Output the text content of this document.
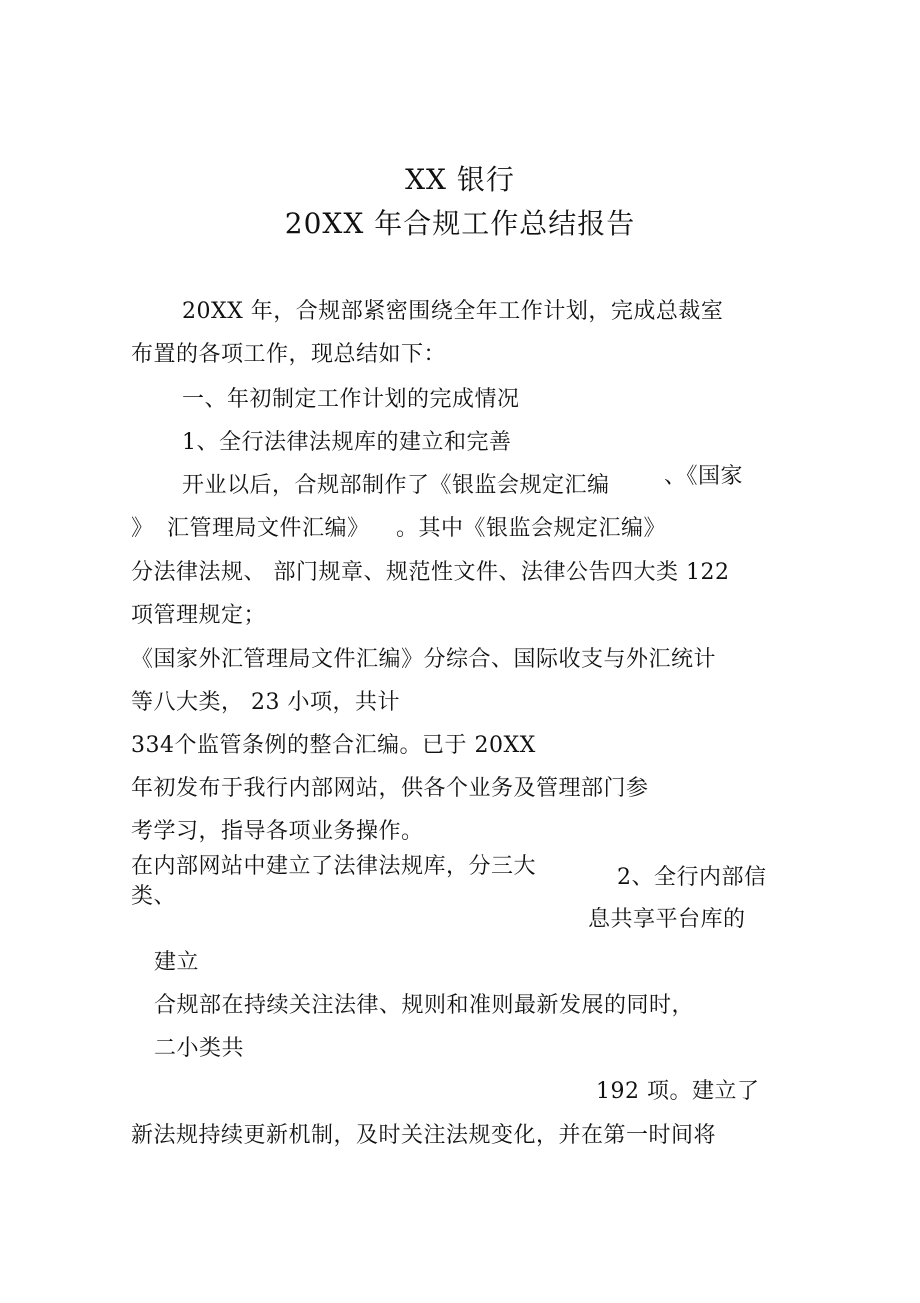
XX 银行
20XX 年合规工作总结报告
20XX 年，合规部紧密围绕全年工作计划，完成总裁室
布置的各项工作，现总结如下：
一、年初制定工作计划的完成情况
1、全行法律法规库的建立和完善
开业以后，合规部制作了《银监会规定汇编 、《国家
》 汇管理局文件汇编》 。其中《银监会规定汇编》
分法律法规、 部门规章、规范性文件、法律公告四大类 122
项管理规定；
《国家外汇管理局文件汇编》分综合、国际收支与外汇统计
等八大类， 23 小项，共计
334个监管条例的整合汇编。已于 20XX
年初发布于我行内部网站，供各个业务及管理部门参
考学习，指导各项业务操作。
在内部网站中建立了法律法规库，分三大
类、
2、全行内部信
息共享平台库的
建立
合规部在持续关注法律、规则和准则最新发展的同时，
二小类共
192 项。建立了
新法规持续更新机制，及时关注法规变化，并在第一时间将
